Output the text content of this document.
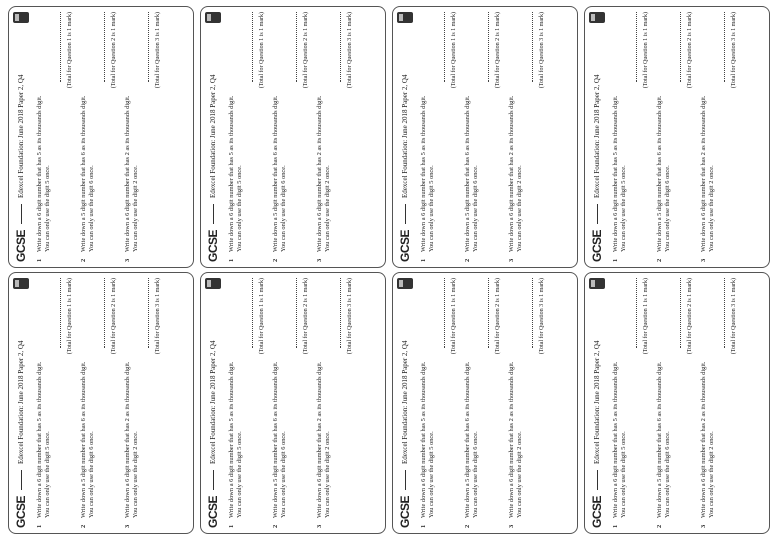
GCSE
Edexcel Foundation: June 2018 Paper 2, Q4
1
Write down a 6 digit number that has 5 as its thousands digit.
You can only use the digit 5 once.
(Total for Question 1 is 1 mark)
2
Write down a 5 digit number that has 6 as its thousands digit.
You can only use the digit 6 once.
(Total for Question 2 is 1 mark)
3
Write down a 6 digit number that has 2 as its thousands digit.
You can only use the digit 2 once.
(Total for Question 3 is 1 mark)
GCSE
Edexcel Foundation: June 2018 Paper 2, Q4
1
Write down a 6 digit number that has 5 as its thousands digit.
You can only use the digit 5 once.
(Total for Question 1 is 1 mark)
2
Write down a 5 digit number that has 6 as its thousands digit.
You can only use the digit 6 once.
(Total for Question 2 is 1 mark)
3
Write down a 6 digit number that has 2 as its thousands digit.
You can only use the digit 2 once.
(Total for Question 3 is 1 mark)
GCSE
Edexcel Foundation: June 2018 Paper 2, Q4
1
Write down a 6 digit number that has 5 as its thousands digit.
You can only use the digit 5 once.
(Total for Question 1 is 1 mark)
2
Write down a 5 digit number that has 6 as its thousands digit.
You can only use the digit 6 once.
(Total for Question 2 is 1 mark)
3
Write down a 6 digit number that has 2 as its thousands digit.
You can only use the digit 2 once.
(Total for Question 3 is 1 mark)
GCSE
Edexcel Foundation: June 2018 Paper 2, Q4
1
Write down a 6 digit number that has 5 as its thousands digit.
You can only use the digit 5 once.
(Total for Question 1 is 1 mark)
2
Write down a 5 digit number that has 6 as its thousands digit.
You can only use the digit 6 once.
(Total for Question 2 is 1 mark)
3
Write down a 6 digit number that has 2 as its thousands digit.
You can only use the digit 2 once.
(Total for Question 3 is 1 mark)
GCSE
Edexcel Foundation: June 2018 Paper 2, Q4
1
Write down a 6 digit number that has 5 as its thousands digit.
You can only use the digit 5 once.
(Total for Question 1 is 1 mark)
2
Write down a 5 digit number that has 6 as its thousands digit.
You can only use the digit 6 once.
(Total for Question 2 is 1 mark)
3
Write down a 6 digit number that has 2 as its thousands digit.
You can only use the digit 2 once.
(Total for Question 3 is 1 mark)
GCSE
Edexcel Foundation: June 2018 Paper 2, Q4
1
Write down a 6 digit number that has 5 as its thousands digit.
You can only use the digit 5 once.
(Total for Question 1 is 1 mark)
2
Write down a 5 digit number that has 6 as its thousands digit.
You can only use the digit 6 once.
(Total for Question 2 is 1 mark)
3
Write down a 6 digit number that has 2 as its thousands digit.
You can only use the digit 2 once.
(Total for Question 3 is 1 mark)
GCSE
Edexcel Foundation: June 2018 Paper 2, Q4
1
Write down a 6 digit number that has 5 as its thousands digit.
You can only use the digit 5 once.
(Total for Question 1 is 1 mark)
2
Write down a 5 digit number that has 6 as its thousands digit.
You can only use the digit 6 once.
(Total for Question 2 is 1 mark)
3
Write down a 6 digit number that has 2 as its thousands digit.
You can only use the digit 2 once.
(Total for Question 3 is 1 mark)
GCSE
Edexcel Foundation: June 2018 Paper 2, Q4
1
Write down a 6 digit number that has 5 as its thousands digit.
You can only use the digit 5 once.
(Total for Question 1 is 1 mark)
2
Write down a 5 digit number that has 6 as its thousands digit.
You can only use the digit 6 once.
(Total for Question 2 is 1 mark)
3
Write down a 6 digit number that has 2 as its thousands digit.
You can only use the digit 2 once.
(Total for Question 3 is 1 mark)
